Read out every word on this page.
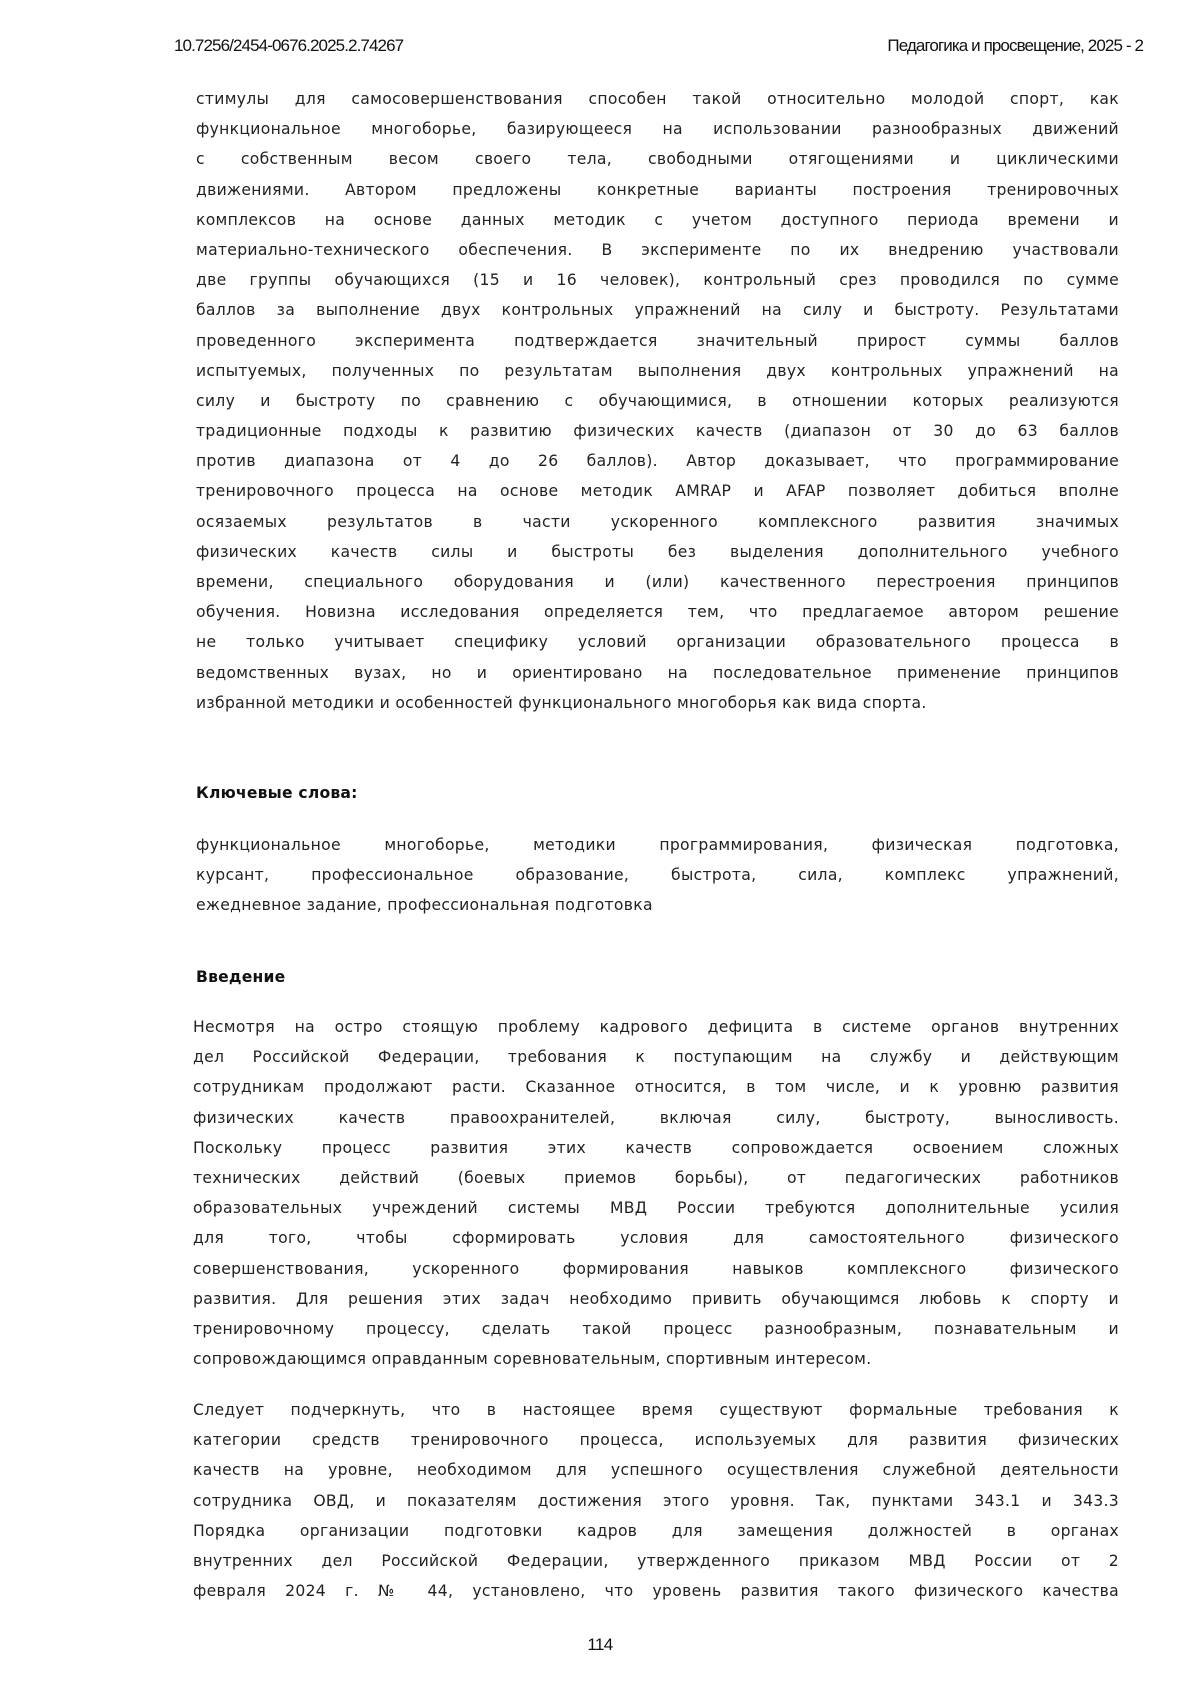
10.7256/2454-0676.2025.2.74267	Педагогика и просвещение, 2025 - 2
стимулы для самосовершенствования способен такой относительно молодой спорт, как
функциональное многоборье, базирующееся на использовании разнообразных движений
с собственным весом своего тела, свободными отягощениями и циклическими
движениями. Автором предложены конкретные варианты построения тренировочных
комплексов на основе данных методик с учетом доступного периода времени и
материально-технического обеспечения. В эксперименте по их внедрению участвовали
две группы обучающихся (15 и 16 человек), контрольный срез проводился по сумме
баллов за выполнение двух контрольных упражнений на силу и быстроту. Результатами
проведенного эксперимента подтверждается значительный прирост суммы баллов
испытуемых, полученных по результатам выполнения двух контрольных упражнений на
силу и быстроту по сравнению с обучающимися, в отношении которых реализуются
традиционные подходы к развитию физических качеств (диапазон от 30 до 63 баллов
против диапазона от 4 до 26 баллов). Автор доказывает, что программирование
тренировочного процесса на основе методик AMRAP и AFAP позволяет добиться вполне
осязаемых результатов в части ускоренного комплексного развития значимых
физических качеств силы и быстроты без выделения дополнительного учебного
времени, специального оборудования и (или) качественного перестроения принципов
обучения. Новизна исследования определяется тем, что предлагаемое автором решение
не только учитывает специфику условий организации образовательного процесса в
ведомственных вузах, но и ориентировано на последовательное применение принципов
избранной методики и особенностей функционального многоборья как вида спорта.
Ключевые слова:
функциональное многоборье, методики программирования, физическая подготовка,
курсант, профессиональное образование, быстрота, сила, комплекс упражнений,
ежедневное задание, профессиональная подготовка
Введение
Несмотря на остро стоящую проблему кадрового дефицита в системе органов внутренних
дел Российской Федерации, требования к поступающим на службу и действующим
сотрудникам продолжают расти. Сказанное относится, в том числе, и к уровню развития
физических качеств правоохранителей, включая силу, быстроту, выносливость.
Поскольку процесс развития этих качеств сопровождается освоением сложных
технических действий (боевых приемов борьбы), от педагогических работников
образовательных учреждений системы МВД России требуются дополнительные усилия
для того, чтобы сформировать условия для самостоятельного физического
совершенствования, ускоренного формирования навыков комплексного физического
развития. Для решения этих задач необходимо привить обучающимся любовь к спорту и
тренировочному процессу, сделать такой процесс разнообразным, познавательным и
сопровождающимся оправданным соревновательным, спортивным интересом.
Следует подчеркнуть, что в настоящее время существуют формальные требования к
категории средств тренировочного процесса, используемых для развития физических
качеств на уровне, необходимом для успешного осуществления служебной деятельности
сотрудника ОВД, и показателям достижения этого уровня. Так, пунктами 343.1 и 343.3
Порядка организации подготовки кадров для замещения должностей в органах
внутренних дел Российской Федерации, утвержденного приказом МВД России от 2
февраля 2024 г. № 44, установлено, что уровень развития такого физического качества
114
